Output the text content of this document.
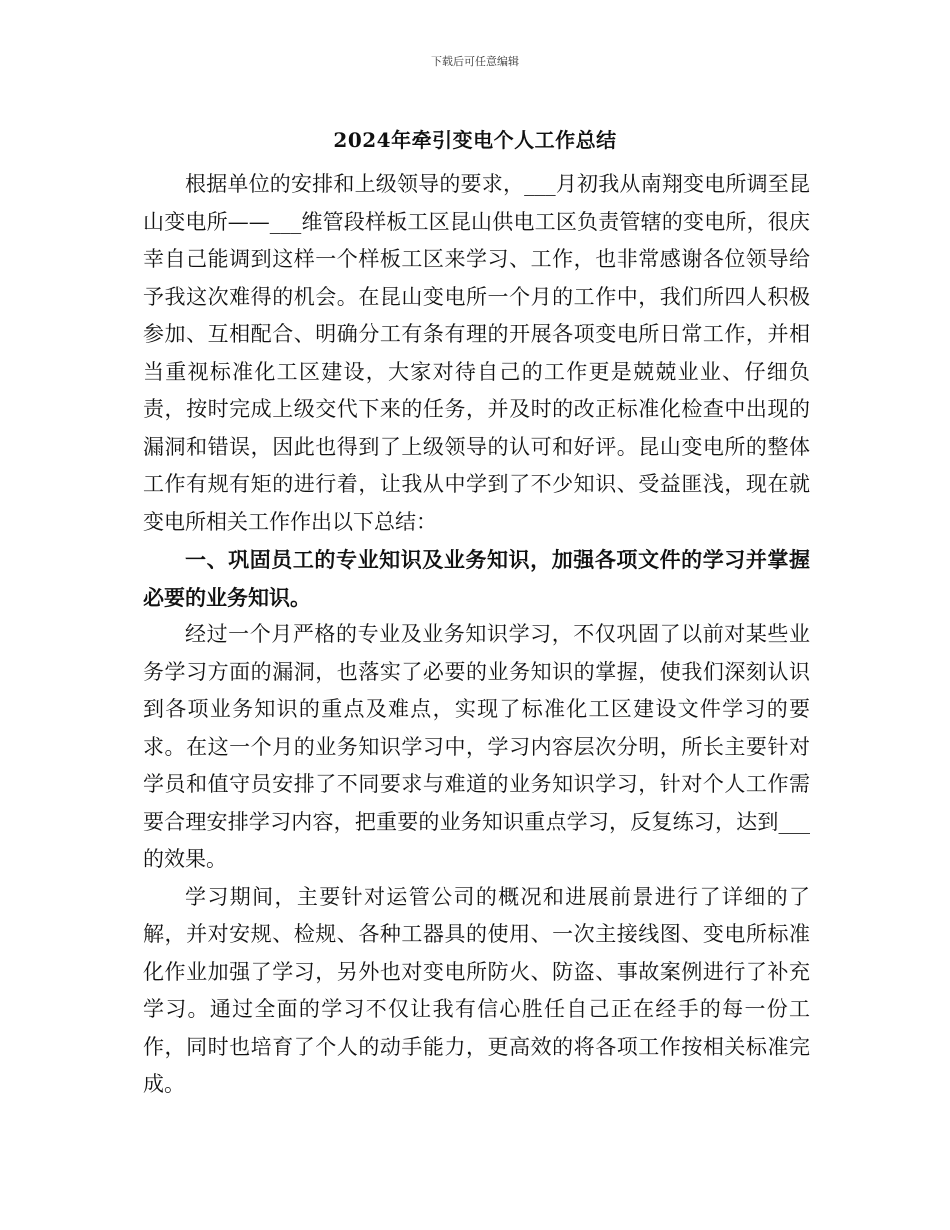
下载后可任意编辑
2024年牵引变电个人工作总结

根据单位的安排和上级领导的要求，___月初我从南翔变电所调至昆山变电所——___维管段样板工区昆山供电工区负责管辖的变电所，很庆幸自己能调到这样一个样板工区来学习、工作，也非常感谢各位领导给予我这次难得的机会。在昆山变电所一个月的工作中，我们所四人积极参加、互相配合、明确分工有条有理的开展各项变电所日常工作，并相当重视标准化工区建设，大家对待自己的工作更是兢兢业业、仔细负责，按时完成上级交代下来的任务，并及时的改正标准化检查中出现的漏洞和错误，因此也得到了上级领导的认可和好评。昆山变电所的整体工作有规有矩的进行着，让我从中学到了不少知识、受益匪浅，现在就变电所相关工作作出以下总结：

一、巩固员工的专业知识及业务知识，加强各项文件的学习并掌握必要的业务知识。

经过一个月严格的专业及业务知识学习，不仅巩固了以前对某些业务学习方面的漏洞，也落实了必要的业务知识的掌握，使我们深刻认识到各项业务知识的重点及难点，实现了标准化工区建设文件学习的要求。在这一个月的业务知识学习中，学习内容层次分明，所长主要针对学员和值守员安排了不同要求与难道的业务知识学习，针对个人工作需要合理安排学习内容，把重要的业务知识重点学习，反复练习，达到___的效果。

学习期间，主要针对运管公司的概况和进展前景进行了详细的了解，并对安规、检规、各种工器具的使用、一次主接线图、变电所标准化作业加强了学习，另外也对变电所防火、防盗、事故案例进行了补充学习。通过全面的学习不仅让我有信心胜任自己正在经手的每一份工作，同时也培育了个人的动手能力，更高效的将各项工作按相关标准完成。
